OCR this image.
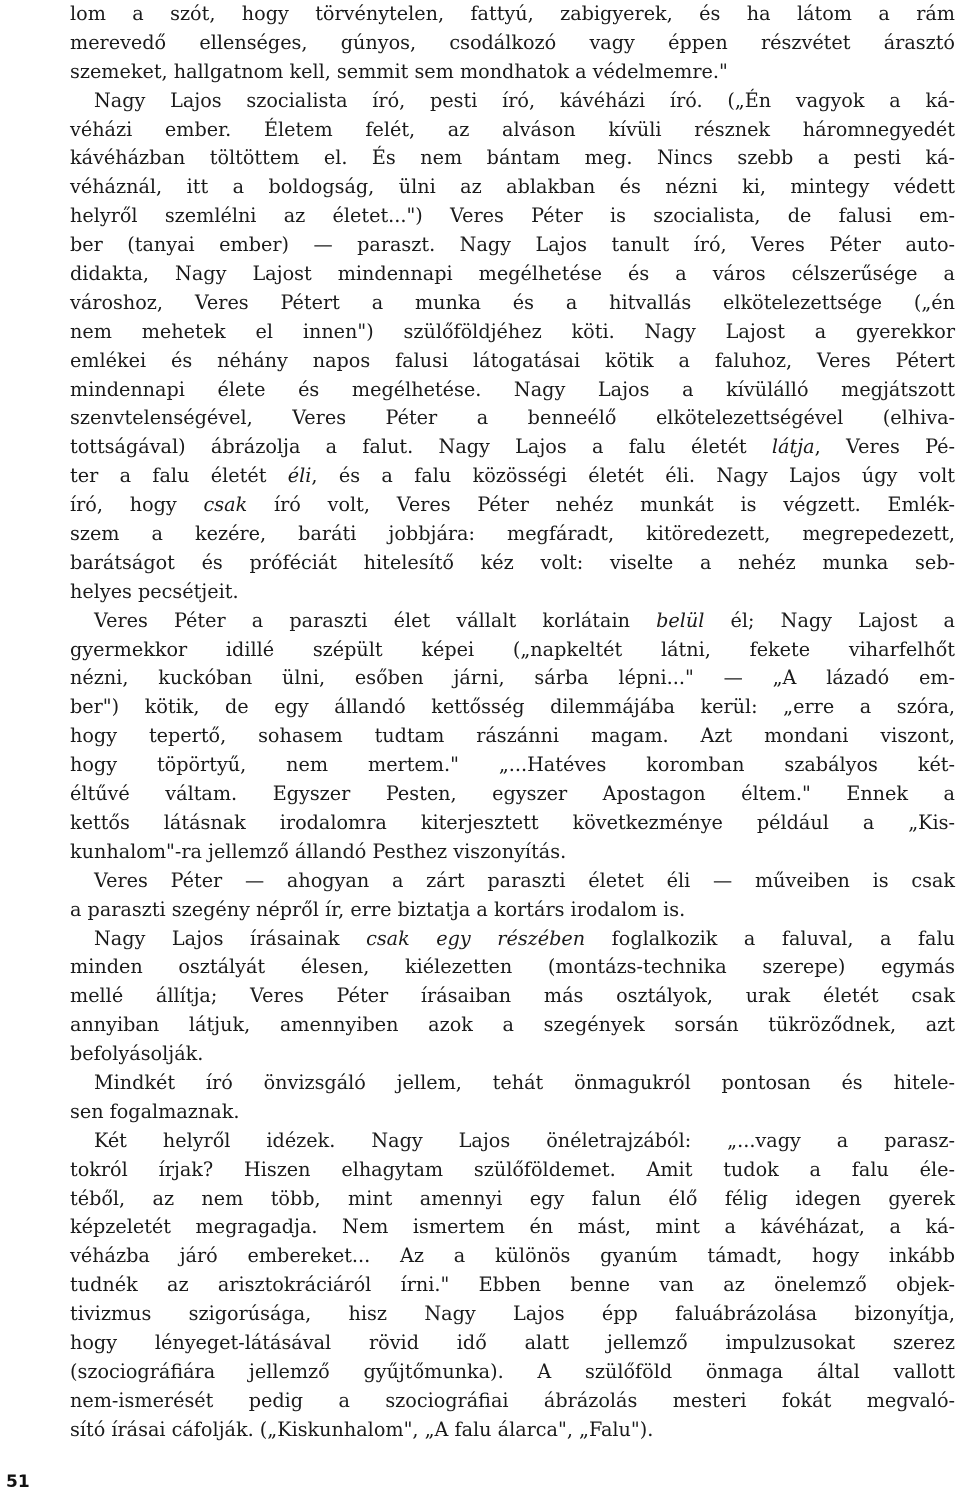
lom a szót, hogy törvénytelen, fattyú, zabigyerek, és ha látom a rám
merevedő ellenséges, gúnyos, csodálkozó vagy éppen részvétet árasztó
szemeket, hallgatnom kell, semmit sem mondhatok a védelmemre."
Nagy Lajos szocialista író, pesti író, kávéházi író. („Én vagyok a ká-
véházi ember. Életem felét, az alváson kívüli résznek háromnegyedét
kávéházban töltöttem el. És nem bántam meg. Nincs szebb a pesti ká-
véháznál, itt a boldogság, ülni az ablakban és nézni ki, mintegy védett
helyről szemlélni az életet...") Veres Péter is szocialista, de falusi em-
ber (tanyai ember) — paraszt. Nagy Lajos tanult író, Veres Péter auto-
didakta, Nagy Lajost mindennapi megélhetése és a város célszerűsége a
városhoz, Veres Pétert a munka és a hitvallás elkötelezettsége („én
nem mehetek el innen") szülőföldjéhez köti. Nagy Lajost a gyerekkor
emlékei és néhány napos falusi látogatásai kötik a faluhoz, Veres Pétert
mindennapi élete és megélhetése. Nagy Lajos a kívülálló megjátszott
szenvtelenségével, Veres Péter a benneélő elkötelezettségével (elhiva-
tottságával) ábrázolja a falut. Nagy Lajos a falu életét látja, Veres Pé-
ter a falu életét éli, és a falu közösségi életét éli. Nagy Lajos úgy volt
író, hogy csak író volt, Veres Péter nehéz munkát is végzett. Emlék-
szem a kezére, baráti jobbjára: megfáradt, kitöredezett, megrepedezett,
barátságot és próféciát hitelesítő kéz volt: viselte a nehéz munka seb-
helyes pecsétjeit.
Veres Péter a paraszti élet vállalt korlátain belül él; Nagy Lajost a
gyermekkor idillé szépült képei („napkeltét látni, fekete viharfelhőt
nézni, kuckóban ülni, esőben járni, sárba lépni..." — „A lázadó em-
ber") kötik, de egy állandó kettősség dilemmájába kerül: „erre a szóra,
hogy tepertő, sohasem tudtam rászánni magam. Azt mondani viszont,
hogy töpörtyű, nem mertem." „...Hatéves koromban szabályos két-
éltűvé váltam. Egyszer Pesten, egyszer Apostagon éltem." Ennek a
kettős látásnak irodalomra kiterjesztett következménye például a „Kis-
kunhalom"-ra jellemző állandó Pesthez viszonyítás.
Veres Péter — ahogyan a zárt paraszti életet éli — műveiben is csak
a paraszti szegény népről ír, erre biztatja a kortárs irodalom is.
Nagy Lajos írásainak csak egy részében foglalkozik a faluval, a falu
minden osztályát élesen, kiélezetten (montázs-technika szerepe) egymás
mellé állítja; Veres Péter írásaiban más osztályok, urak életét csak
annyiban látjuk, amennyiben azok a szegények sorsán tükröződnek, azt
befolyásolják.
Mindkét író önvizsgáló jellem, tehát önmagukról pontosan és hitele-
sen fogalmaznak.
Két helyről idézek. Nagy Lajos önéletrajzából: „...vagy a parasz-
tokról írjak? Hiszen elhagytam szülőföldemet. Amit tudok a falu éle-
téből, az nem több, mint amennyi egy falun élő félig idegen gyerek
képzeletét megragadja. Nem ismertem én mást, mint a kávéházat, a ká-
véházba járó embereket... Az a különös gyanúm támadt, hogy inkább
tudnék az arisztokráciáról írni." Ebben benne van az önelemző objek-
tivizmus szigorúsága, hisz Nagy Lajos épp faluábrázolása bizonyítja,
hogy lényeget-látásával rövid idő alatt jellemző impulzusokat szerez
(szociográfiára jellemző gyűjtőmunka). A szülőföld önmaga által vallott
nem-ismerését pedig a szociográfiai ábrázolás mesteri fokát megvaló-
sító írásai cáfolják. („Kiskunhalom", „A falu álarca", „Falu").
51
